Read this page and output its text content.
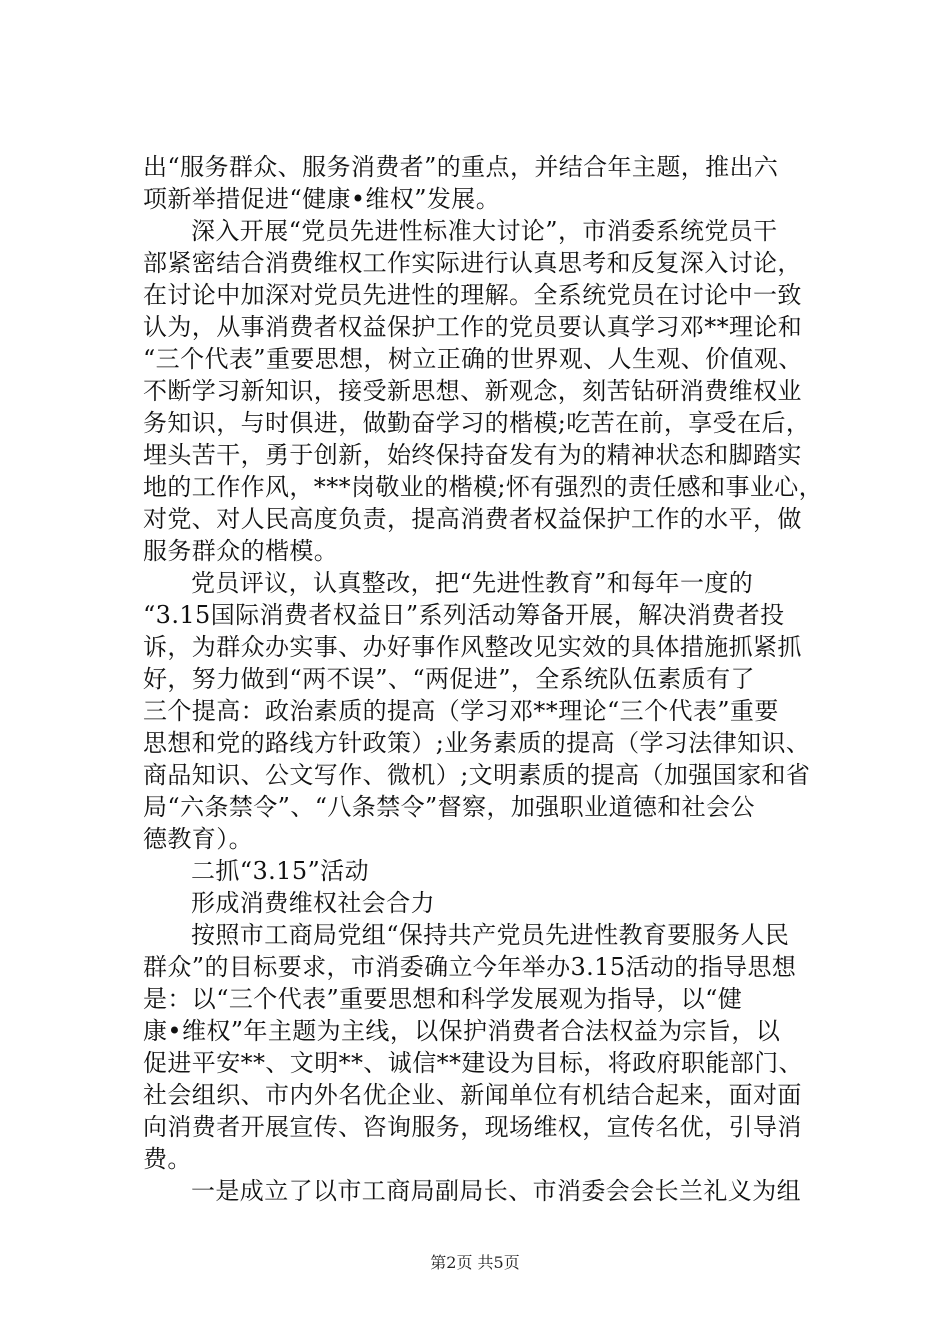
出“服务群众、服务消费者”的重点，并结合年主题，推出六
项新举措促进“健康•维权”发展。
深入开展“党员先进性标准大讨论”，市消委系统党员干
部紧密结合消费维权工作实际进行认真思考和反复深入讨论，
在讨论中加深对党员先进性的理解。全系统党员在讨论中一致
认为，从事消费者权益保护工作的党员要认真学习邓**理论和
“三个代表”重要思想，树立正确的世界观、人生观、价值观、
不断学习新知识，接受新思想、新观念，刻苦钻研消费维权业
务知识，与时俱进，做勤奋学习的楷模;吃苦在前，享受在后，
埋头苦干，勇于创新，始终保持奋发有为的精神状态和脚踏实
地的工作作风，***岗敬业的楷模;怀有强烈的责任感和事业心，
对党、对人民高度负责，提高消费者权益保护工作的水平，做
服务群众的楷模。
党员评议，认真整改，把“先进性教育”和每年一度的
“3.15国际消费者权益日”系列活动筹备开展，解决消费者投
诉，为群众办实事、办好事作风整改见实效的具体措施抓紧抓
好，努力做到“两不误”、“两促进”，全系统队伍素质有了
三个提高：政治素质的提高（学习邓**理论“三个代表”重要
思想和党的路线方针政策）;业务素质的提高（学习法律知识、
商品知识、公文写作、微机）;文明素质的提高（加强国家和省
局“六条禁令”、“八条禁令”督察，加强职业道德和社会公
德教育）。
二抓“3.15”活动
形成消费维权社会合力
按照市工商局党组“保持共产党员先进性教育要服务人民
群众”的目标要求，市消委确立今年举办3.15活动的指导思想
是：以“三个代表”重要思想和科学发展观为指导，以“健
康•维权”年主题为主线，以保护消费者合法权益为宗旨，以
促进平安**、文明**、诚信**建设为目标，将政府职能部门、
社会组织、市内外名优企业、新闻单位有机结合起来，面对面
向消费者开展宣传、咨询服务，现场维权，宣传名优，引导消
费。
一是成立了以市工商局副局长、市消委会会长兰礼义为组
第2页 共5页
